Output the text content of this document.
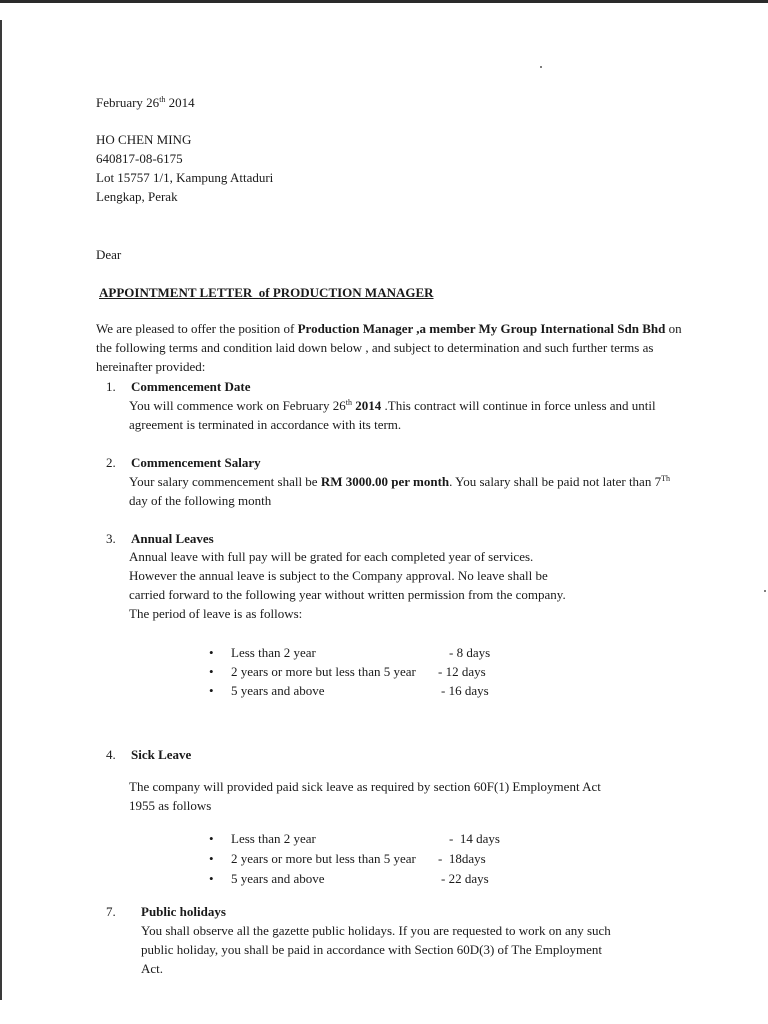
February 26th 2014
HO CHEN MING
640817-08-6175
Lot 15757 1/1, Kampung Attaduri
Lengkap, Perak
Dear
APPOINTMENT LETTER  of PRODUCTION MANAGER
We are pleased to offer the position of Production Manager ,a member My Group International Sdn Bhd on the following terms and condition laid down below , and subject to determination and such further terms as hereinafter provided:
1. Commencement Date
You will commence work on February 26th 2014 .This contract will continue in force unless and until agreement is terminated in accordance with its term.
2. Commencement Salary
Your salary commencement shall be RM 3000.00 per month. You salary shall be paid not later than 7Th day of the following month
3. Annual Leaves
Annual leave with full pay will be grated for each completed year of services.
However the annual leave is subject to the Company approval. No leave shall be
carried forward to the following year without written permission from the company.
The period of leave is as follows:
• Less than 2 year	- 8 days
• 2 years or more but less than 5 year - 12 days
• 5 years and above	- 16 days
4. Sick Leave
The company will provided paid sick leave as required by section 60F(1) Employment Act 1955 as follows
• Less than 2 year	-  14 days
• 2 years or more but less than 5 year -  18days
• 5 years and above	- 22 days
7. Public holidays
You shall observe all the gazette public holidays. If you are requested to work on any such public holiday, you shall be paid in accordance with Section 60D(3) of The Employment Act.
